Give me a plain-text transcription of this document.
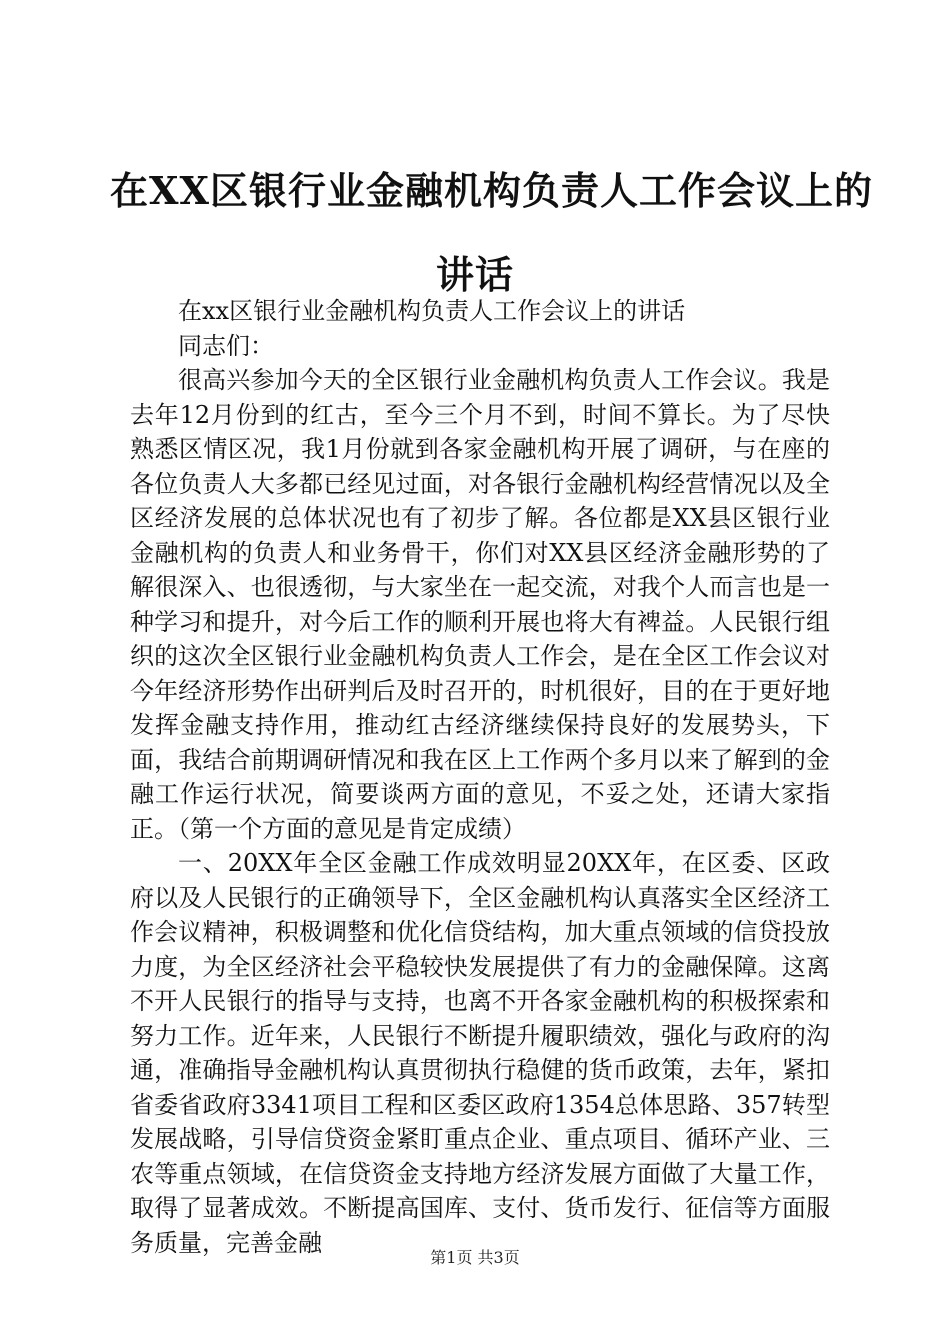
在XX区银行业金融机构负责人工作会议上的
讲话

在xx区银行业金融机构负责人工作会议上的讲话

同志们：

很高兴参加今天的全区银行业金融机构负责人工作会议。我是去年12月份到的红古，至今三个月不到，时间不算长。为了尽快熟悉区情区况，我1月份就到各家金融机构开展了调研，与在座的各位负责人大多都已经见过面，对各银行金融机构经营情况以及全区经济发展的总体状况也有了初步了解。各位都是XX县区银行业金融机构的负责人和业务骨干，你们对XX县区经济金融形势的了解很深入、也很透彻，与大家坐在一起交流，对我个人而言也是一种学习和提升，对今后工作的顺利开展也将大有裨益。人民银行组织的这次全区银行业金融机构负责人工作会，是在全区工作会议对今年经济形势作出研判后及时召开的，时机很好，目的在于更好地发挥金融支持作用，推动红古经济继续保持良好的发展势头，下面，我结合前期调研情况和我在区上工作两个多月以来了解到的金融工作运行状况，简要谈两方面的意见，不妥之处，还请大家指正。（第一个方面的意见是肯定成绩）

一、20XX年全区金融工作成效明显20XX年，在区委、区政府以及人民银行的正确领导下，全区金融机构认真落实全区经济工作会议精神，积极调整和优化信贷结构，加大重点领域的信贷投放力度，为全区经济社会平稳较快发展提供了有力的金融保障。这离不开人民银行的指导与支持，也离不开各家金融机构的积极探索和努力工作。近年来，人民银行不断提升履职绩效，强化与政府的沟通，准确指导金融机构认真贯彻执行稳健的货币政策，去年，紧扣省委省政府3341项目工程和区委区政府1354总体思路、357转型发展战略，引导信贷资金紧盯重点企业、重点项目、循环产业、三农等重点领域，在信贷资金支持地方经济发展方面做了大量工作，取得了显著成效。不断提高国库、支付、货币发行、征信等方面服务质量，完善金融

第1页 共3页
